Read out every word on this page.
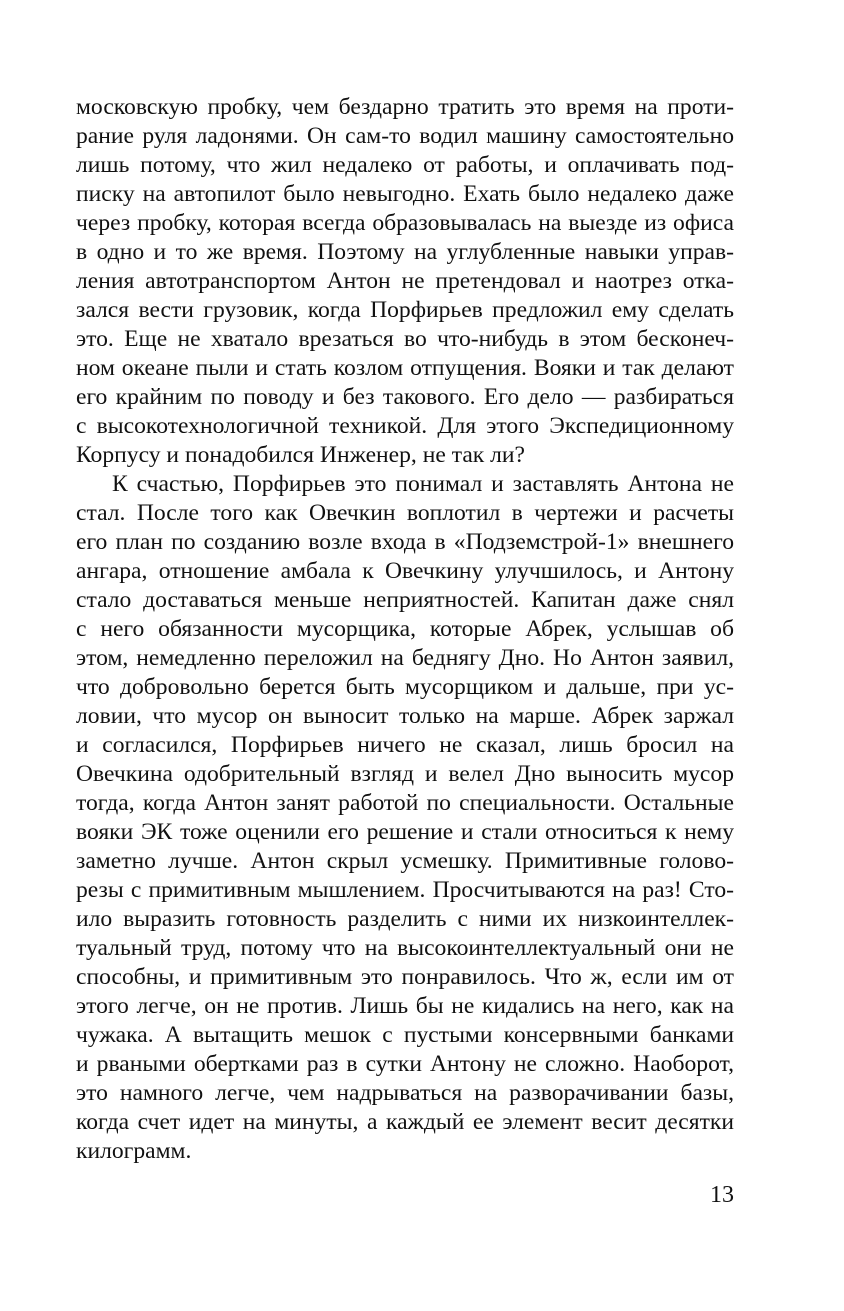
московскую пробку, чем бездарно тратить это время на проти-
рание руля ладонями. Он сам-то водил машину самостоятельно
лишь потому, что жил недалеко от работы, и оплачивать под-
писку на автопилот было невыгодно. Ехать было недалеко даже
через пробку, которая всегда образовывалась на выезде из офиса
в одно и то же время. Поэтому на углубленные навыки управ-
ления автотранспортом Антон не претендовал и наотрез отка-
зался вести грузовик, когда Порфирьев предложил ему сделать
это. Еще не хватало врезаться во что-нибудь в этом бесконеч-
ном океане пыли и стать козлом отпущения. Вояки и так делают
его крайним по поводу и без такового. Его дело — разбираться
с высокотехнологичной техникой. Для этого Экспедиционному
Корпусу и понадобился Инженер, не так ли?
К счастью, Порфирьев это понимал и заставлять Антона не
стал. После того как Овечкин воплотил в чертежи и расчеты
его план по созданию возле входа в «Подземстрой-1» внешнего
ангара, отношение амбала к Овечкину улучшилось, и Антону
стало доставаться меньше неприятностей. Капитан даже снял
с него обязанности мусорщика, которые Абрек, услышав об
этом, немедленно переложил на беднягу Дно. Но Антон заявил,
что добровольно берется быть мусорщиком и дальше, при ус-
ловии, что мусор он выносит только на марше. Абрек заржал
и согласился, Порфирьев ничего не сказал, лишь бросил на
Овечкина одобрительный взгляд и велел Дно выносить мусор
тогда, когда Антон занят работой по специальности. Остальные
вояки ЭК тоже оценили его решение и стали относиться к нему
заметно лучше. Антон скрыл усмешку. Примитивные голово-
резы с примитивным мышлением. Просчитываются на раз! Сто-
ило выразить готовность разделить с ними их низкоинтеллек-
туальный труд, потому что на высокоинтеллектуальный они не
способны, и примитивным это понравилось. Что ж, если им от
этого легче, он не против. Лишь бы не кидались на него, как на
чужака. А вытащить мешок с пустыми консервными банками
и рваными обертками раз в сутки Антону не сложно. Наоборот,
это намного легче, чем надрываться на разворачивании базы,
когда счет идет на минуты, а каждый ее элемент весит десятки
килограмм.
13
